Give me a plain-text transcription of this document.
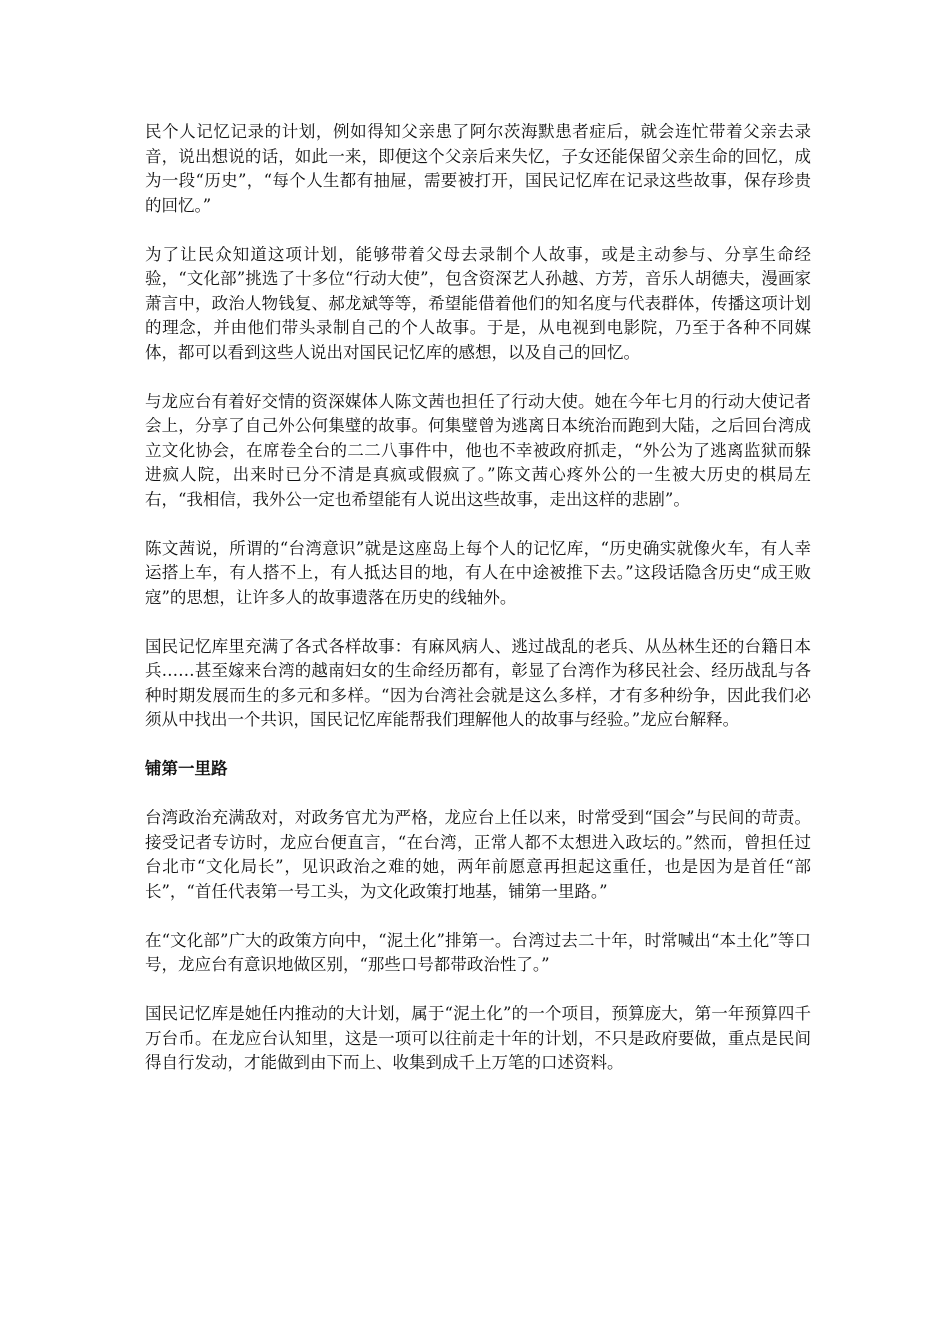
民个人记忆记录的计划，例如得知父亲患了阿尔茨海默患者症后，就会连忙带着父亲去录音，说出想说的话，如此一来，即便这个父亲后来失忆，子女还能保留父亲生命的回忆，成为一段“历史”，“每个人生都有抽屉，需要被打开，国民记忆库在记录这些故事，保存珍贵的回忆。”

为了让民众知道这项计划，能够带着父母去录制个人故事，或是主动参与、分享生命经验，“文化部”挑选了十多位“行动大使”，包含资深艺人孙越、方芳，音乐人胡德夫，漫画家萧言中，政治人物钱复、郝龙斌等等，希望能借着他们的知名度与代表群体，传播这项计划的理念，并由他们带头录制自己的个人故事。于是，从电视到电影院，乃至于各种不同媒体，都可以看到这些人说出对国民记忆库的感想，以及自己的回忆。

与龙应台有着好交情的资深媒体人陈文茜也担任了行动大使。她在今年七月的行动大使记者会上，分享了自己外公何集璧的故事。何集璧曾为逃离日本统治而跑到大陆，之后回台湾成立文化协会，在席卷全台的二二八事件中，他也不幸被政府抓走，“外公为了逃离监狱而躲进疯人院，出来时已分不清是真疯或假疯了。”陈文茜心疼外公的一生被大历史的棋局左右，“我相信，我外公一定也希望能有人说出这些故事，走出这样的悲剧”。

陈文茜说，所谓的“台湾意识”就是这座岛上每个人的记忆库，“历史确实就像火车，有人幸运搭上车，有人搭不上，有人抵达目的地，有人在中途被推下去。”这段话隐含历史“成王败寇”的思想，让许多人的故事遗落在历史的线轴外。

国民记忆库里充满了各式各样故事：有麻风病人、逃过战乱的老兵、从丛林生还的台籍日本兵……甚至嫁来台湾的越南妇女的生命经历都有，彰显了台湾作为移民社会、经历战乱与各种时期发展而生的多元和多样。“因为台湾社会就是这么多样，才有多种纷争，因此我们必须从中找出一个共识，国民记忆库能帮我们理解他人的故事与经验。”龙应台解释。

铺第一里路

台湾政治充满敌对，对政务官尤为严格，龙应台上任以来，时常受到“国会”与民间的苛责。接受记者专访时，龙应台便直言，“在台湾，正常人都不太想进入政坛的。”然而，曾担任过台北市“文化局长”，见识政治之难的她，两年前愿意再担起这重任，也是因为是首任“部长”，“首任代表第一号工头，为文化政策打地基，铺第一里路。”

在“文化部”广大的政策方向中，“泥土化”排第一。台湾过去二十年，时常喊出“本土化”等口号，龙应台有意识地做区别，“那些口号都带政治性了。”

国民记忆库是她任内推动的大计划，属于“泥土化”的一个项目，预算庞大，第一年预算四千万台币。在龙应台认知里，这是一项可以往前走十年的计划，不只是政府要做，重点是民间得自行发动，才能做到由下而上、收集到成千上万笔的口述资料。
